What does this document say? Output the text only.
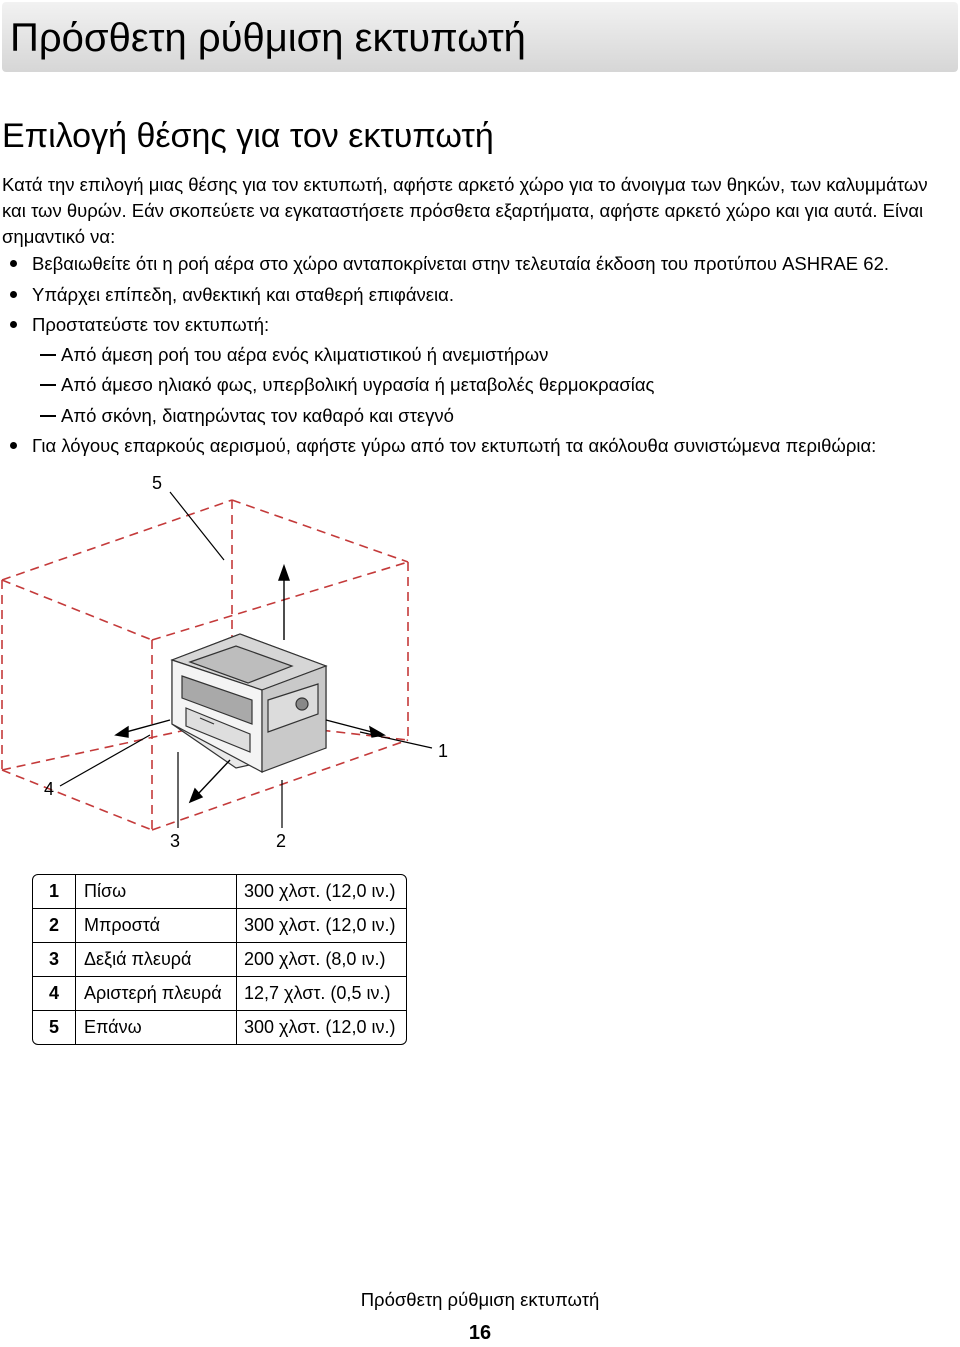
Πρόσθετη ρύθμιση εκτυπωτή
Επιλογή θέσης για τον εκτυπωτή
Κατά την επιλογή μιας θέσης για τον εκτυπωτή, αφήστε αρκετό χώρο για το άνοιγμα των θηκών, των καλυμμάτων και των θυρών. Εάν σκοπεύετε να εγκαταστήσετε πρόσθετα εξαρτήματα, αφήστε αρκετό χώρο και για αυτά. Είναι σημαντικό να:
Βεβαιωθείτε ότι η ροή αέρα στο χώρο ανταποκρίνεται στην τελευταία έκδοση του προτύπου ASHRAE 62.
Υπάρχει επίπεδη, ανθεκτική και σταθερή επιφάνεια.
Προστατεύστε τον εκτυπωτή:
Από άμεση ροή του αέρα ενός κλιματιστικού ή ανεμιστήρων
Από άμεσο ηλιακό φως, υπερβολική υγρασία ή μεταβολές θερμοκρασίας
Από σκόνη, διατηρώντας τον καθαρό και στεγνό
Για λόγους επαρκούς αερισμού, αφήστε γύρω από τον εκτυπωτή τα ακόλουθα συνιστώμενα περιθώρια:
5
1
4
3	2
1	Πίσω	300 χλστ. (12,0 ιν.)
2	Μπροστά	300 χλστ. (12,0 ιν.)
3	Δεξιά πλευρά	200 χλστ. (8,0 ιν.)
4	Αριστερή πλευρά	12,7 χλστ. (0,5 ιν.)
5	Επάνω	300 χλστ. (12,0 ιν.)
Πρόσθετη ρύθμιση εκτυπωτή
16
